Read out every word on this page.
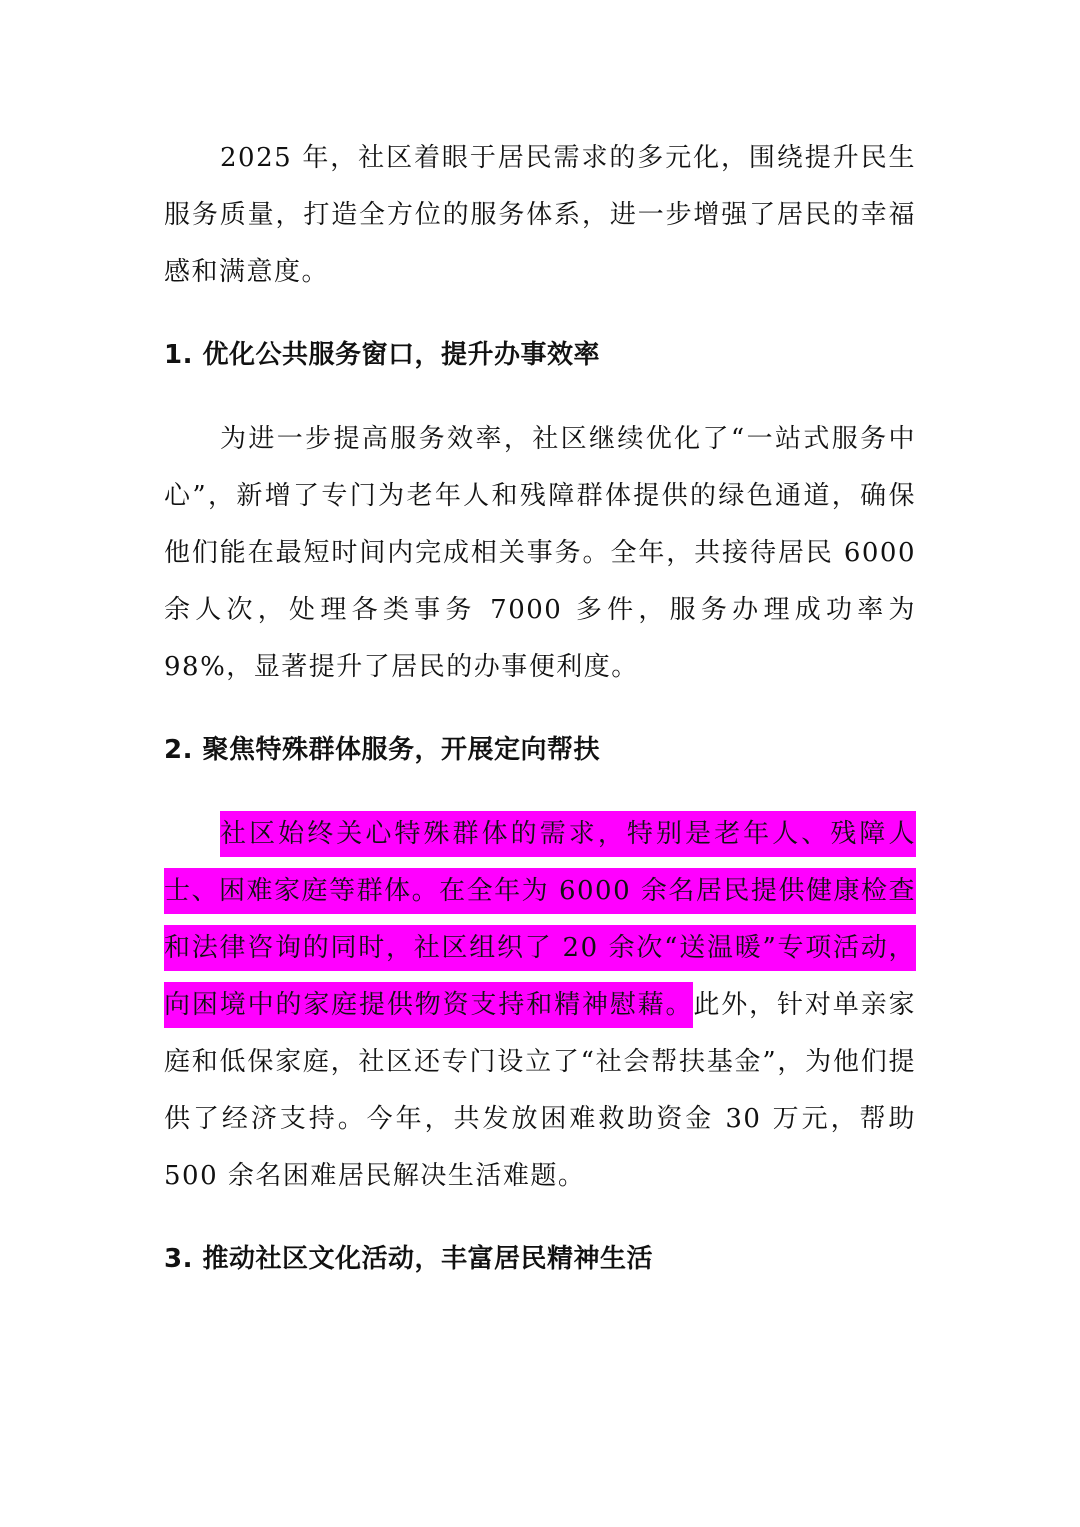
2025 年，社区着眼于居民需求的多元化，围绕提升民生服务质量，打造全方位的服务体系，进一步增强了居民的幸福感和满意度。

1. 优化公共服务窗口，提升办事效率

为进一步提高服务效率，社区继续优化了“一站式服务中心”，新增了专门为老年人和残障群体提供的绿色通道，确保他们能在最短时间内完成相关事务。全年，共接待居民 6000 余人次，处理各类事务 7000 多件，服务办理成功率为 98%，显著提升了居民的办事便利度。

2. 聚焦特殊群体服务，开展定向帮扶

社区始终关心特殊群体的需求，特别是老年人、残障人士、困难家庭等群体。在全年为 6000 余名居民提供健康检查和法律咨询的同时，社区组织了 20 余次“送温暖”专项活动，向困境中的家庭提供物资支持和精神慰藉。此外，针对单亲家庭和低保家庭，社区还专门设立了“社会帮扶基金”，为他们提供了经济支持。今年，共发放困难救助资金 30 万元，帮助 500 余名困难居民解决生活难题。

3. 推动社区文化活动，丰富居民精神生活
